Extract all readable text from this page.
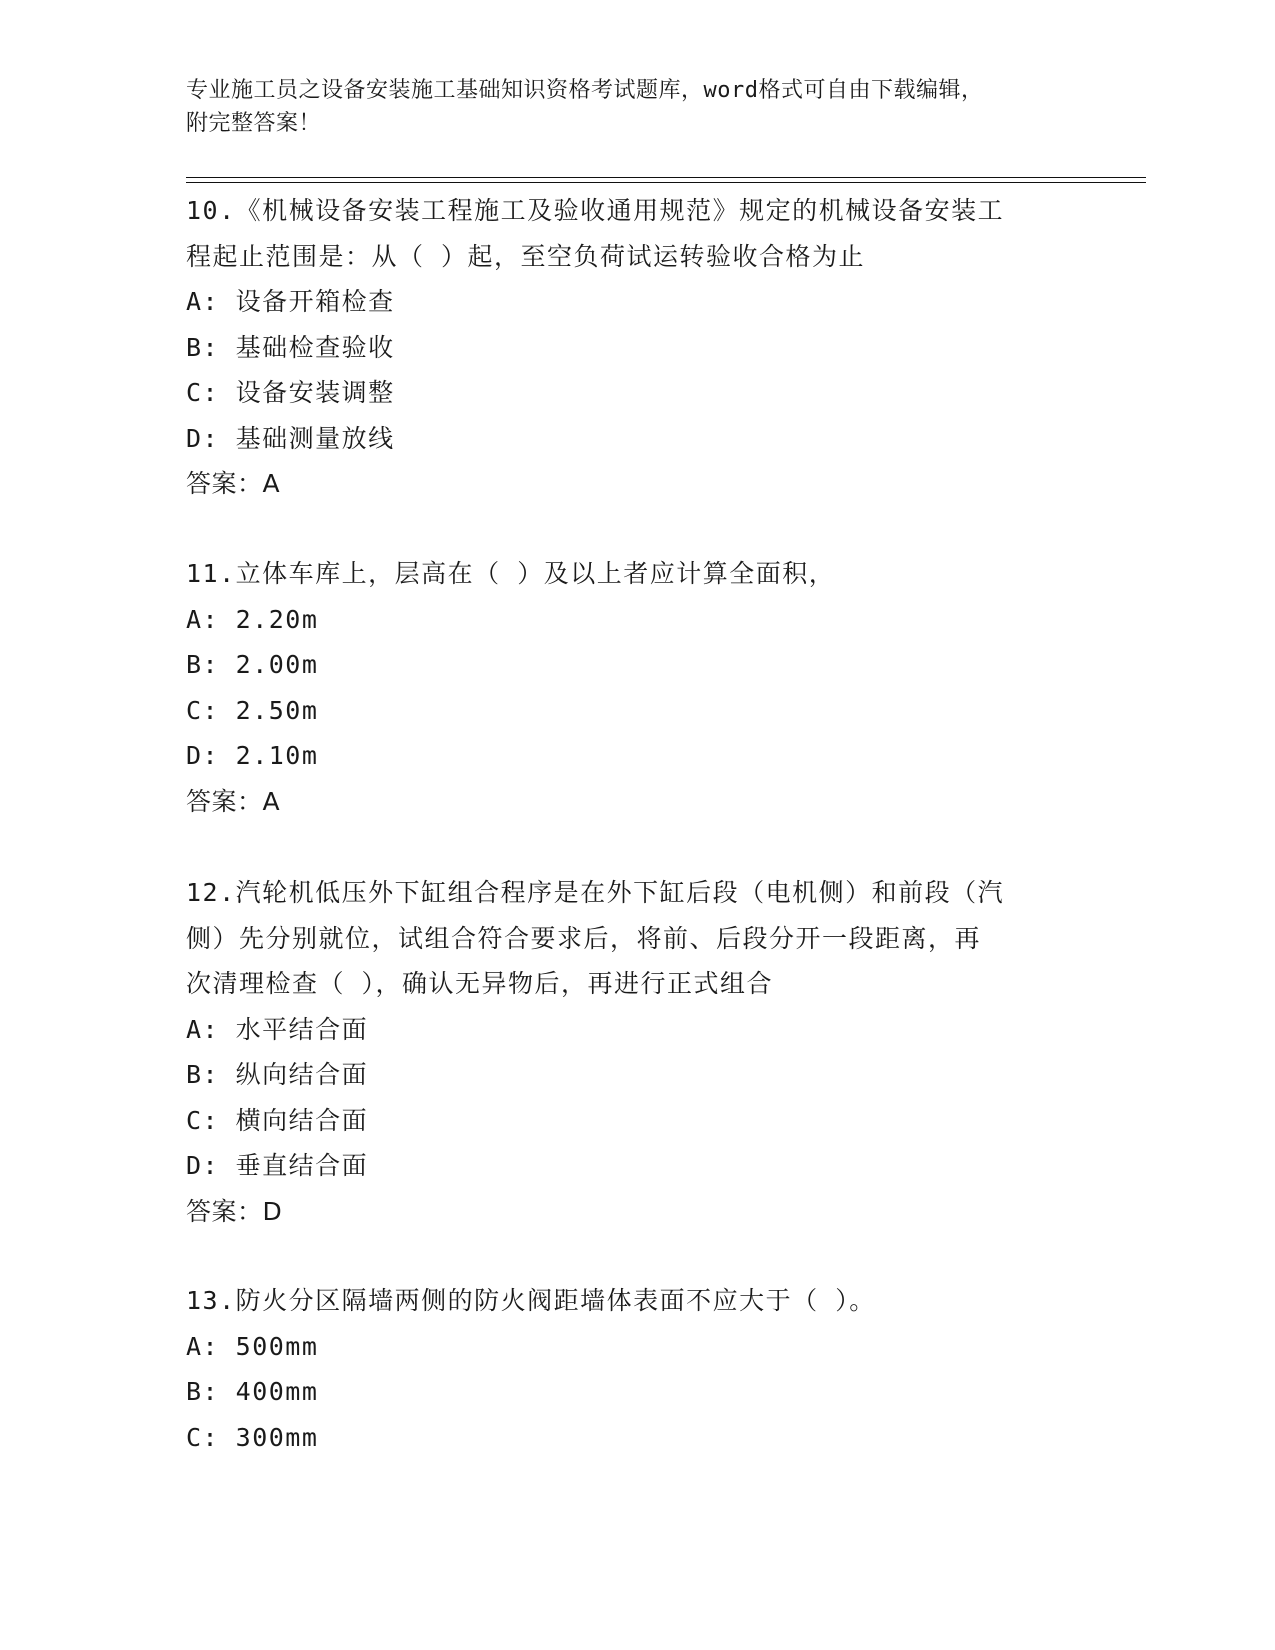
专业施工员之设备安装施工基础知识资格考试题库，word格式可自由下载编辑，
附完整答案！
10.《机械设备安装工程施工及验收通用规范》规定的机械设备安装工
程起止范围是：从（ ）起，至空负荷试运转验收合格为止
A: 设备开箱检查
B: 基础检查验收
C: 设备安装调整
D: 基础测量放线
答案：A
11.立体车库上，层高在（ ）及以上者应计算全面积，
A: 2.20m
B: 2.00m
C: 2.50m
D: 2.10m
答案：A
12.汽轮机低压外下缸组合程序是在外下缸后段（电机侧）和前段（汽
侧）先分别就位，试组合符合要求后，将前、后段分开一段距离，再
次清理检查（ ），确认无异物后，再进行正式组合
A: 水平结合面
B: 纵向结合面
C: 横向结合面
D: 垂直结合面
答案：D
13.防火分区隔墙两侧的防火阀距墙体表面不应大于（ ）。
A: 500mm
B: 400mm
C: 300mm
